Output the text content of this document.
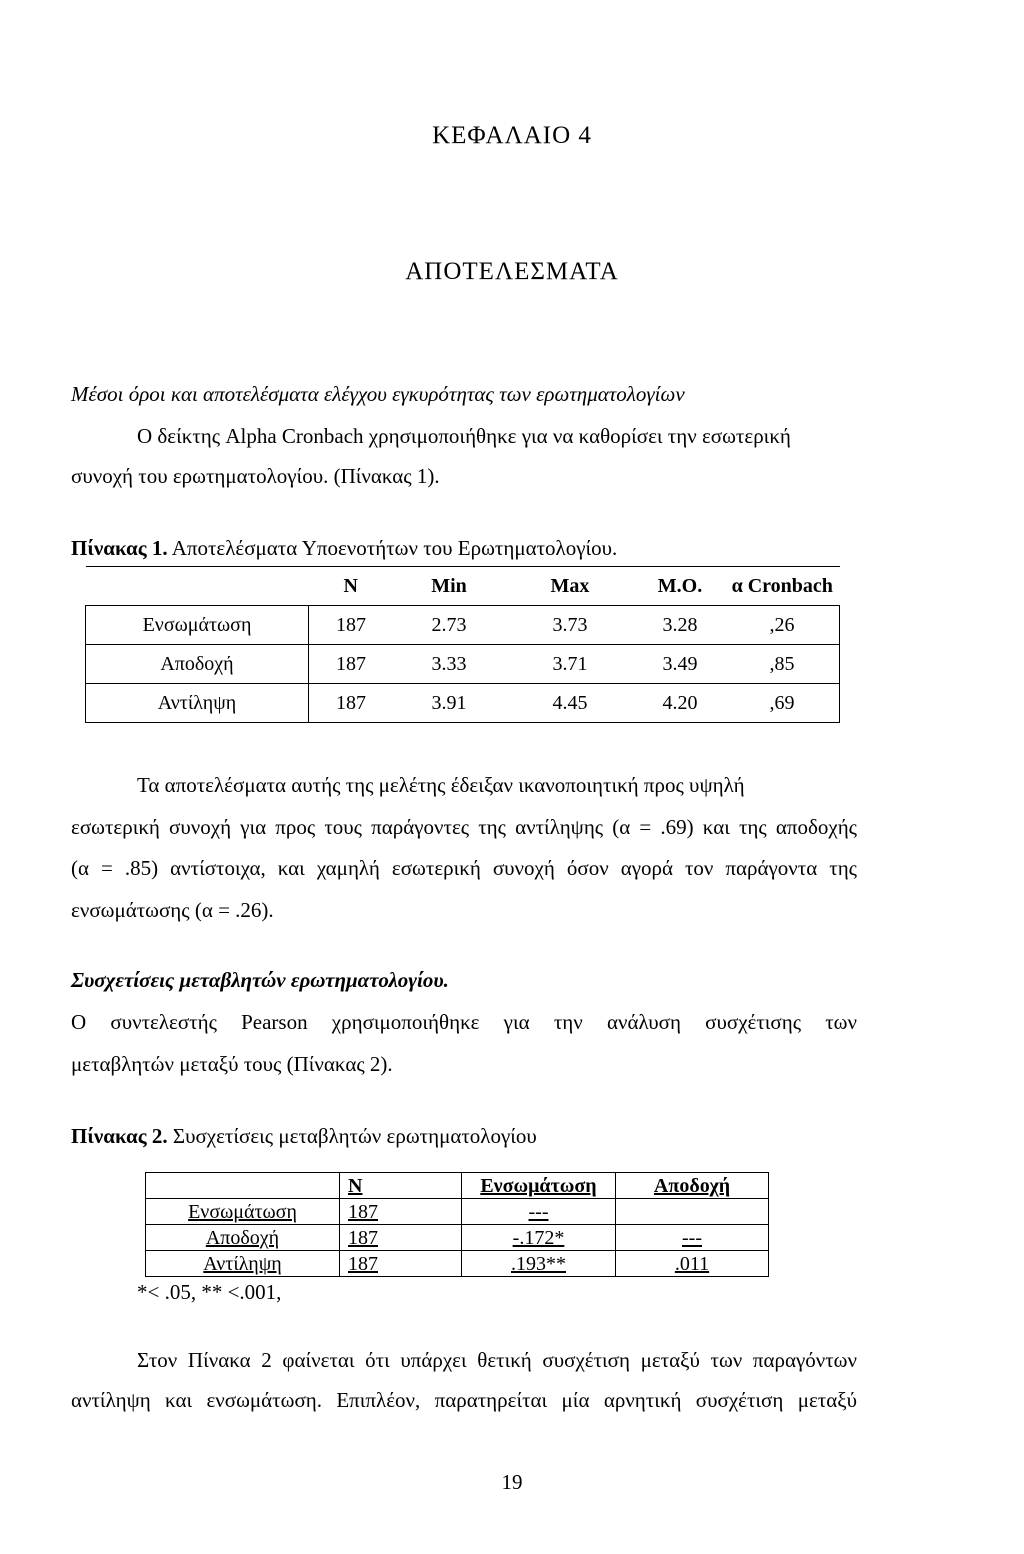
ΚΕΦΑΛΑΙΟ 4
ΑΠΟΤΕΛΕΣΜΑΤΑ
Μέσοι όροι και αποτελέσματα ελέγχου εγκυρότητας των ερωτηματολογίων
Ο δείκτης Alpha Cronbach χρησιμοποιήθηκε για να καθορίσει την εσωτερική
συνοχή του ερωτηματολογίου. (Πίνακας 1).
Πίνακας 1. Αποτελέσματα Υποενοτήτων του Ερωτηματολογίου.
	N	Min	Max	M.O.	α Cronbach
Ενσωμάτωση	187	2.73	3.73	3.28	,26
Αποδοχή	187	3.33	3.71	3.49	,85
Αντίληψη	187	3.91	4.45	4.20	,69
Τα αποτελέσματα αυτής της μελέτης έδειξαν ικανοποιητική προς υψηλή
εσωτερική συνοχή για προς τους παράγοντες της αντίληψης (α = .69) και της αποδοχής
(α = .85) αντίστοιχα, και χαμηλή εσωτερική συνοχή όσον αγορά τον παράγοντα της
ενσωμάτωσης (α = .26).
Συσχετίσεις μεταβλητών ερωτηματολογίου.
Ο συντελεστής Pearson χρησιμοποιήθηκε για την ανάλυση συσχέτισης των
μεταβλητών μεταξύ τους (Πίνακας 2).
Πίνακας 2. Συσχετίσεις μεταβλητών ερωτηματολογίου
	N	Ενσωμάτωση	Αποδοχή
Ενσωμάτωση	187	---	
Αποδοχή	187	-.172*	---
Αντίληψη	187	.193**	.011
*< .05, ** <.001,
Στον Πίνακα 2 φαίνεται ότι υπάρχει θετική συσχέτιση μεταξύ των παραγόντων
αντίληψη και ενσωμάτωση. Επιπλέον, παρατηρείται μία αρνητική συσχέτιση μεταξύ
19
